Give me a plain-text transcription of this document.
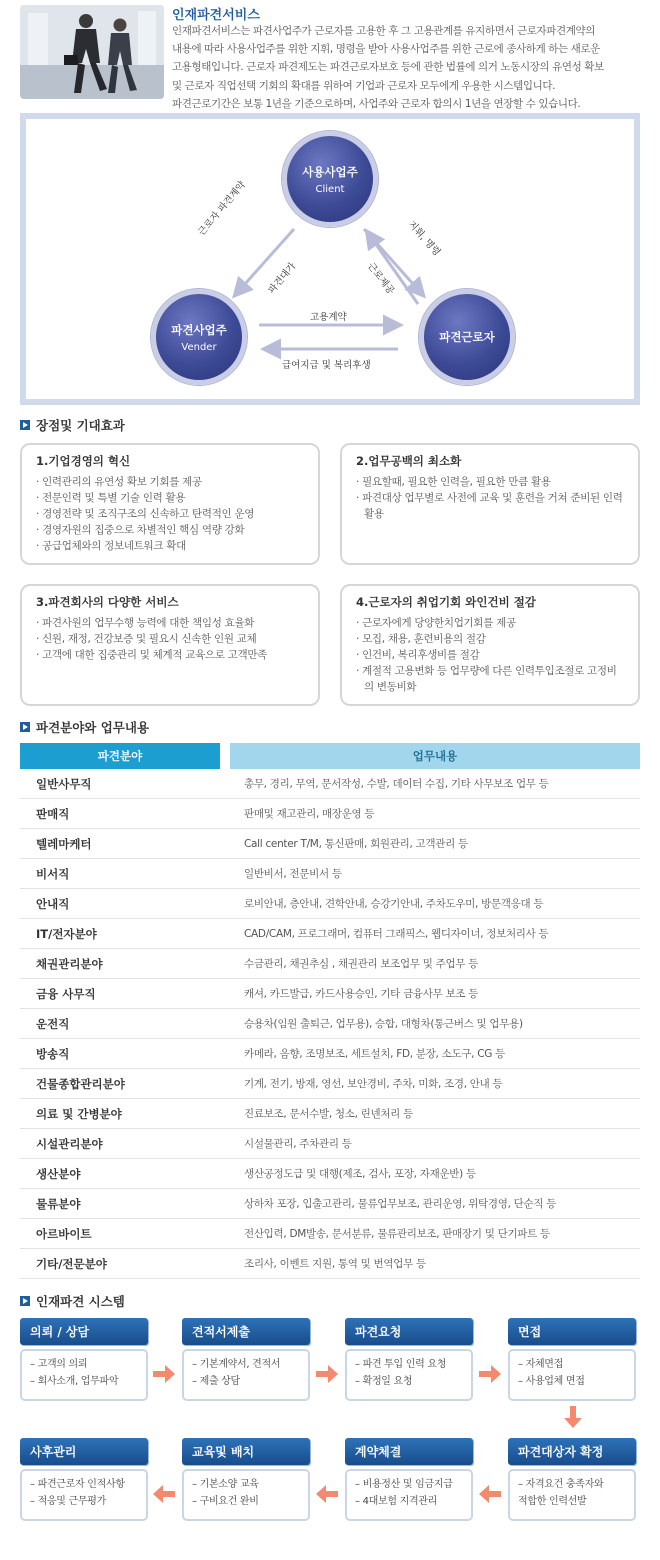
인재파견서비스

인재파견서비스는 파견사업주가 근로자를 고용한 후 그 고용관계를 유지하면서 근로자파견계약의

내용에 따라 사용사업주를 위한 지휘, 명령을 받아 사용사업주를 위한 근로에 종사하게 하는 새로운

고용형태입니다. 근로자 파견제도는 파견근로자보호 등에 관한 법률에 의거 노동시장의 유연성 확보

및 근로자 직업선택 기회의 확대를 위하여 기업과 근로자 모두에게 우용한 시스템입니다.

파견근로기간은 보통 1년을 기준으로하며, 사업주와 근로자 합의시 1년을 연장할 수 있습니다.

사용사업주
Client
파견사업주
Vender
파견근로자
근로자 파견계약
파견대가
지휘, 명령
근로제공
고용계약
급여지급 및 복리후생
장점및 기대효과
1.기업경영의 혁신
· 인력관리의 유연성 확보 기회를 제공
· 전문인력 및 특별 기술 인력 활용
· 경영전략 및 조직구조의 신속하고 탄력적인 운영
· 경영자원의 집중으로 차별적인 핵심 역량 강화
· 공급업체와의 정보네트워크 확대
2.업무공백의 최소화
· 필요할때, 필요한 인력을, 필요한 만큼 활용
· 파견대상 업무별로 사전에 교육 및 훈련을 거쳐 준비된 인력활용
3.파견회사의 다양한 서비스
· 파견사원의 업무수행 능력에 대한 책임성 효율화
· 신원, 재정, 건강보증 및 필요시 신속한 인원 교체
· 고객에 대한 집중관리 및 체계적 교육으로 고객만족
4.근로자의 취업기회 와인건비 절감
· 근로자에게 당양한치업기회를 제공
· 모집, 채용, 훈련비용의 절감
· 인건비, 복리후생비를 절감
· 계절적 고용변화 등 업무량에 다른 인력투입조절로 고정비의 변동비화
파견분야와 업무내용
파견분야	업무내용
일반사무직	총무, 경리, 무역, 문서작성, 수발, 데이터 수집, 기타 사무보조 업무 등
판매직	판매및 재고관리, 매장운영 등
텔레마케터	Call center T/M, 통신판매, 회원관리, 고객관리 등
비서직	일반비서, 전문비서 등
안내직	로비안내, 층안내, 견학안내, 승강기안내, 주차도우미, 방문객응대 등
IT/전자분야	CAD/CAM, 프로그래머, 컴퓨터 그래픽스, 웹디자이너, 정보처리사 등
채권관리분야	수금관리, 채권추심 , 채권관리 보조업무 및 주업무 등
금융 사무직	캐셔, 카드발급, 카드사용승인, 기타 금융사무 보조 등
운전직	승용차(임원 출퇴근, 업무용), 승합, 대형차(통근버스 및 업무용)
방송직	카메라, 음향, 조명보조, 세트설치, FD, 분장, 소도구, CG 등
건물종합관리분야	기계, 전기, 방재, 영선, 보안경비, 주차, 미화, 조경, 안내 등
의료 및 간병분야	진료보조, 문서수발, 청소, 린넨처리 등
시설관리분야	시설물관리, 주차관리 등
생산분야	생산공정도급 및 대행(제조, 검사, 포장, 자재운반) 등
물류분야	상하차 포장, 입출고관리, 물류업무보조, 관리운영, 위탁경영, 단순직 등
아르바이트	전산입력, DM발송, 문서분류, 물류관리보조, 판매장기 및 단기파트 등
기타/전문분야	조리사, 이벤트 지원, 통역 및 번역업무 등
인재파견 시스템
의뢰 / 상담
– 고객의 의뢰
– 회사소개, 업무파악
견적서제출
– 기본계약서, 견적서
– 제출 상담
파견요청
– 파견 투입 인력 요청
– 확정일 요청
면접
– 자체면접
– 사용업체 면접
파견대상자 확정
– 자격요건 충족자와
적합한 인력선발
계약체결
– 비용정산 및 임금지급
– 4대보험 지격관리
교육및 배치
– 기본소양 교육
– 구비요건 완비
사후관리
– 파견근로자 인적사항
– 적응및 근무평가
